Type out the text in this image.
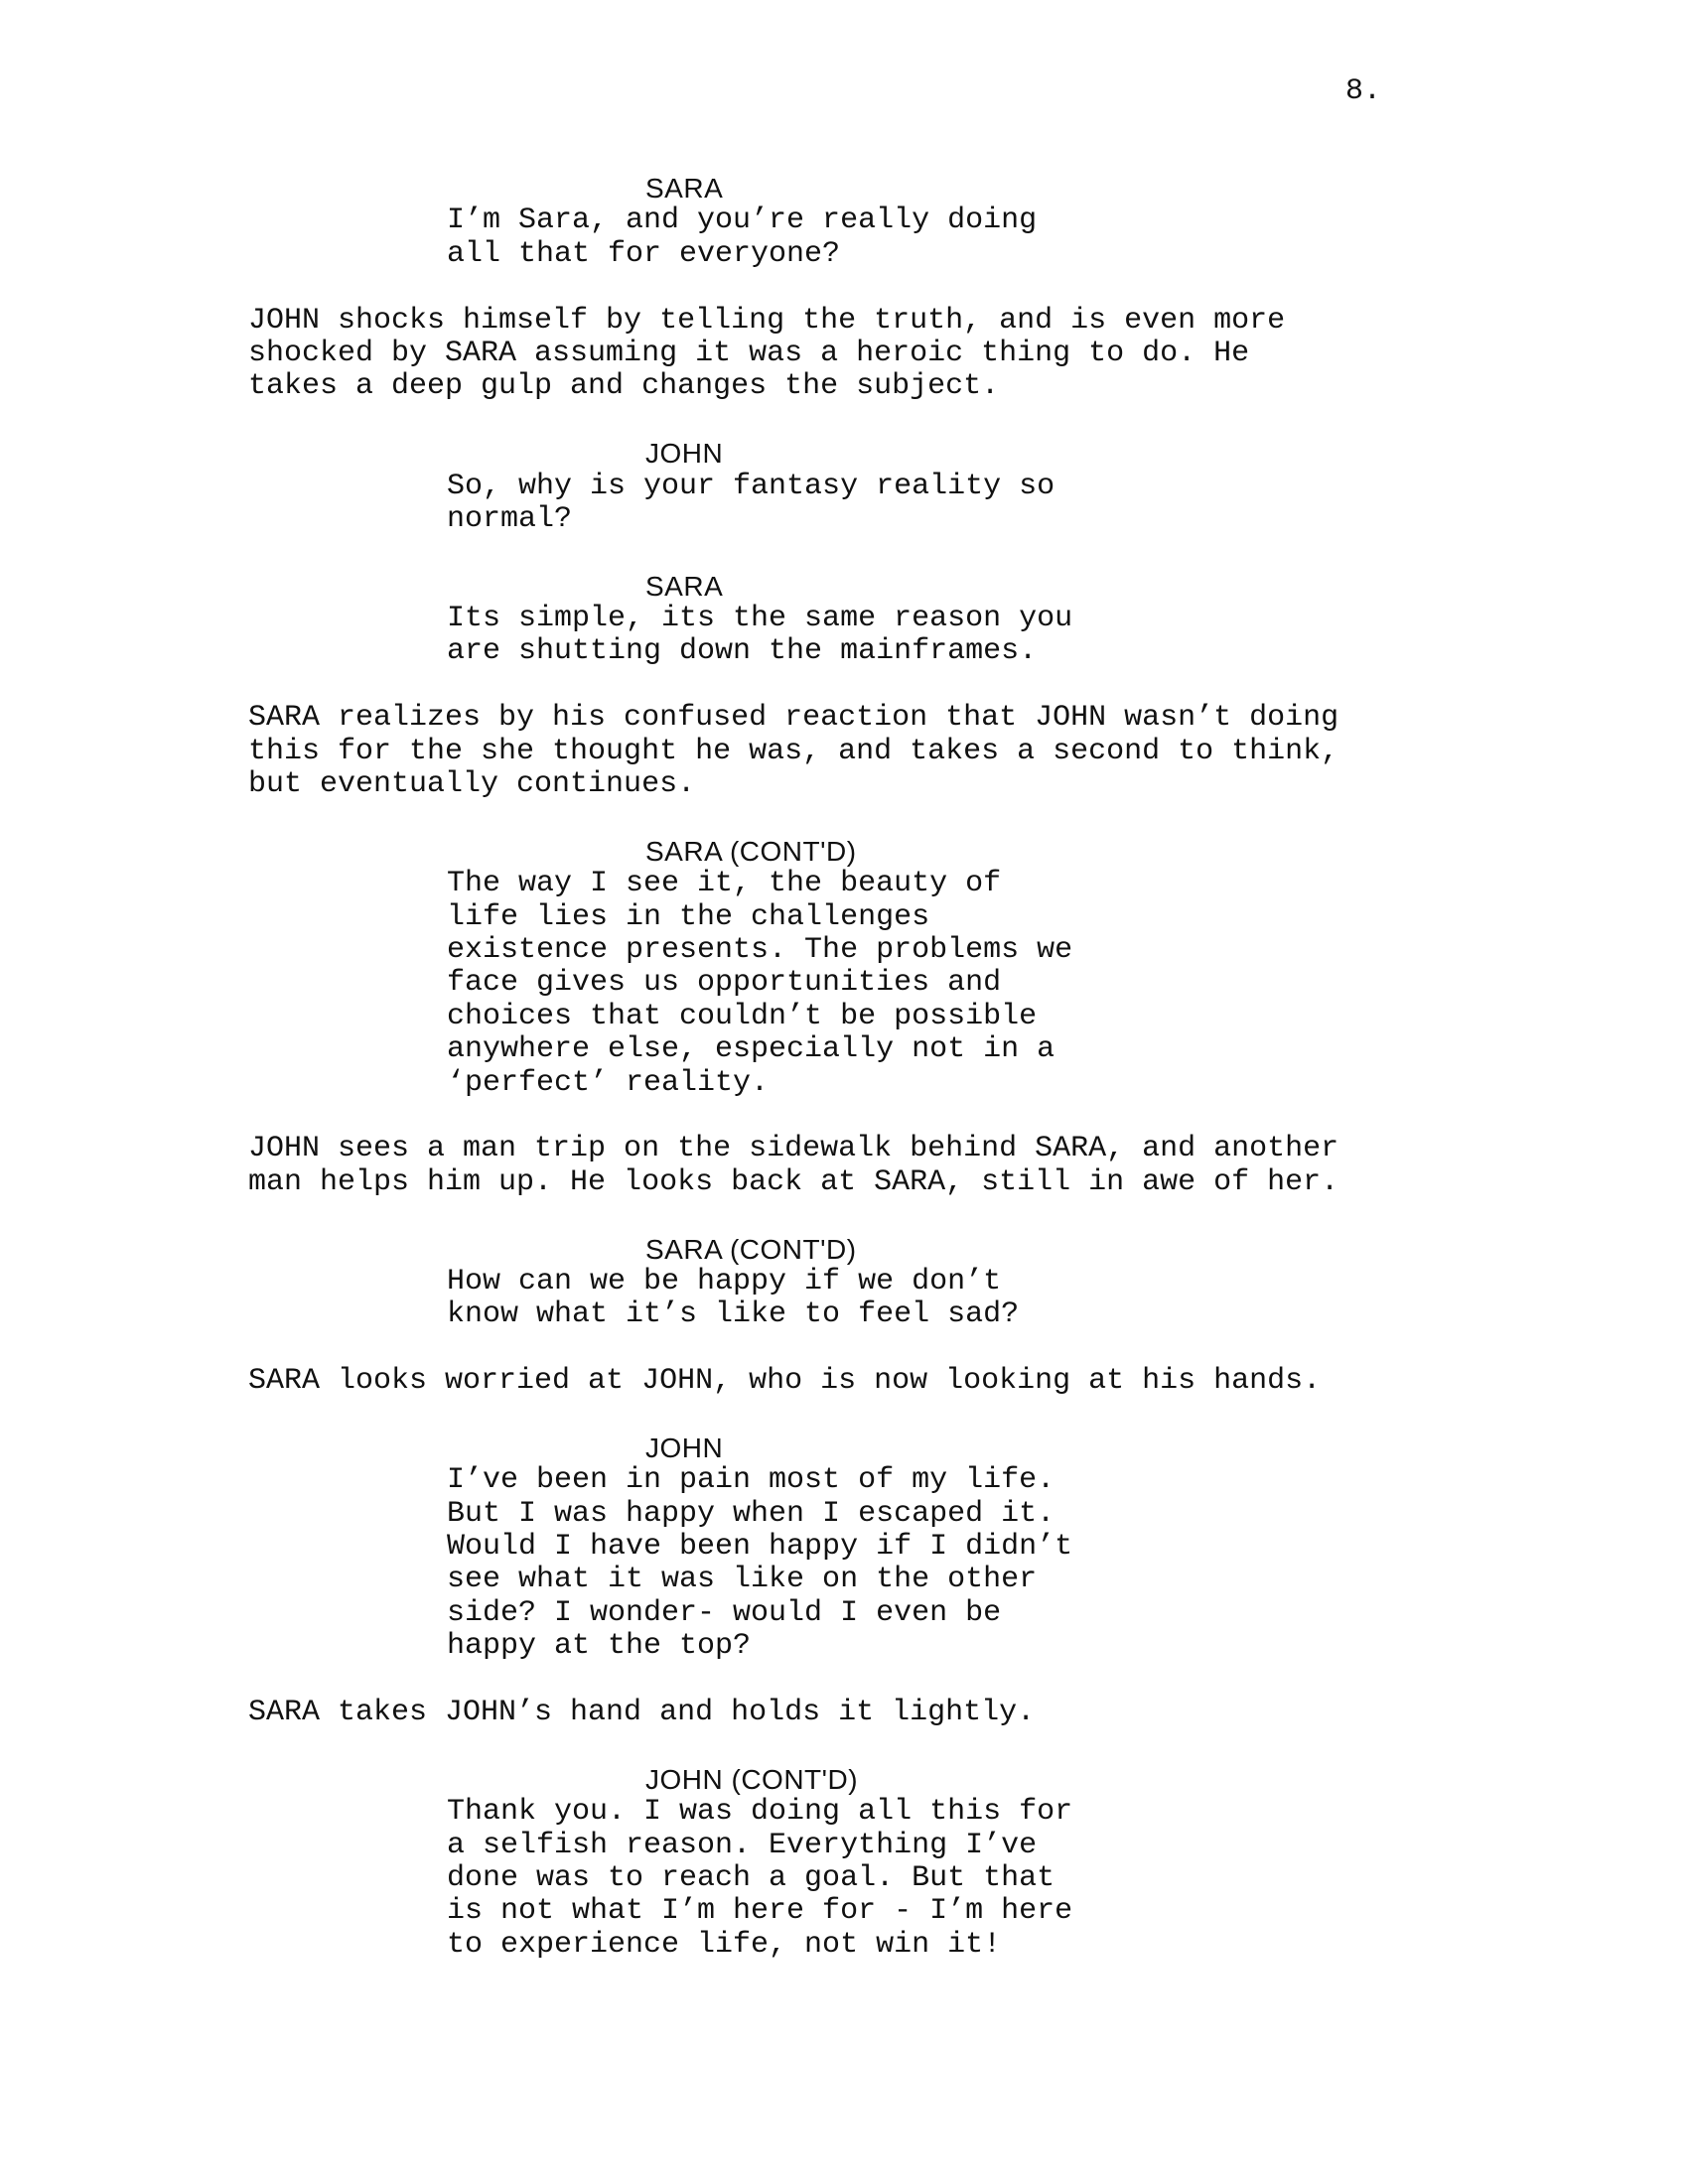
8.
SARA
I’m Sara, and you’re really doing
all that for everyone?
JOHN shocks himself by telling the truth, and is even more
shocked by SARA assuming it was a heroic thing to do. He
takes a deep gulp and changes the subject.
JOHN
So, why is your fantasy reality so
normal?
SARA
Its simple, its the same reason you
are shutting down the mainframes.
SARA realizes by his confused reaction that JOHN wasn’t doing
this for the she thought he was, and takes a second to think,
but eventually continues.
SARA (CONT'D)
The way I see it, the beauty of
life lies in the challenges
existence presents. The problems we
face gives us opportunities and
choices that couldn’t be possible
anywhere else, especially not in a
‘perfect’ reality.
JOHN sees a man trip on the sidewalk behind SARA, and another
man helps him up. He looks back at SARA, still in awe of her.
SARA (CONT'D)
How can we be happy if we don’t
know what it’s like to feel sad?
SARA looks worried at JOHN, who is now looking at his hands.
JOHN
I’ve been in pain most of my life.
But I was happy when I escaped it.
Would I have been happy if I didn’t
see what it was like on the other
side? I wonder- would I even be
happy at the top?
SARA takes JOHN’s hand and holds it lightly.
JOHN (CONT'D)
Thank you. I was doing all this for
a selfish reason. Everything I’ve
done was to reach a goal. But that
is not what I’m here for - I’m here
to experience life, not win it!
